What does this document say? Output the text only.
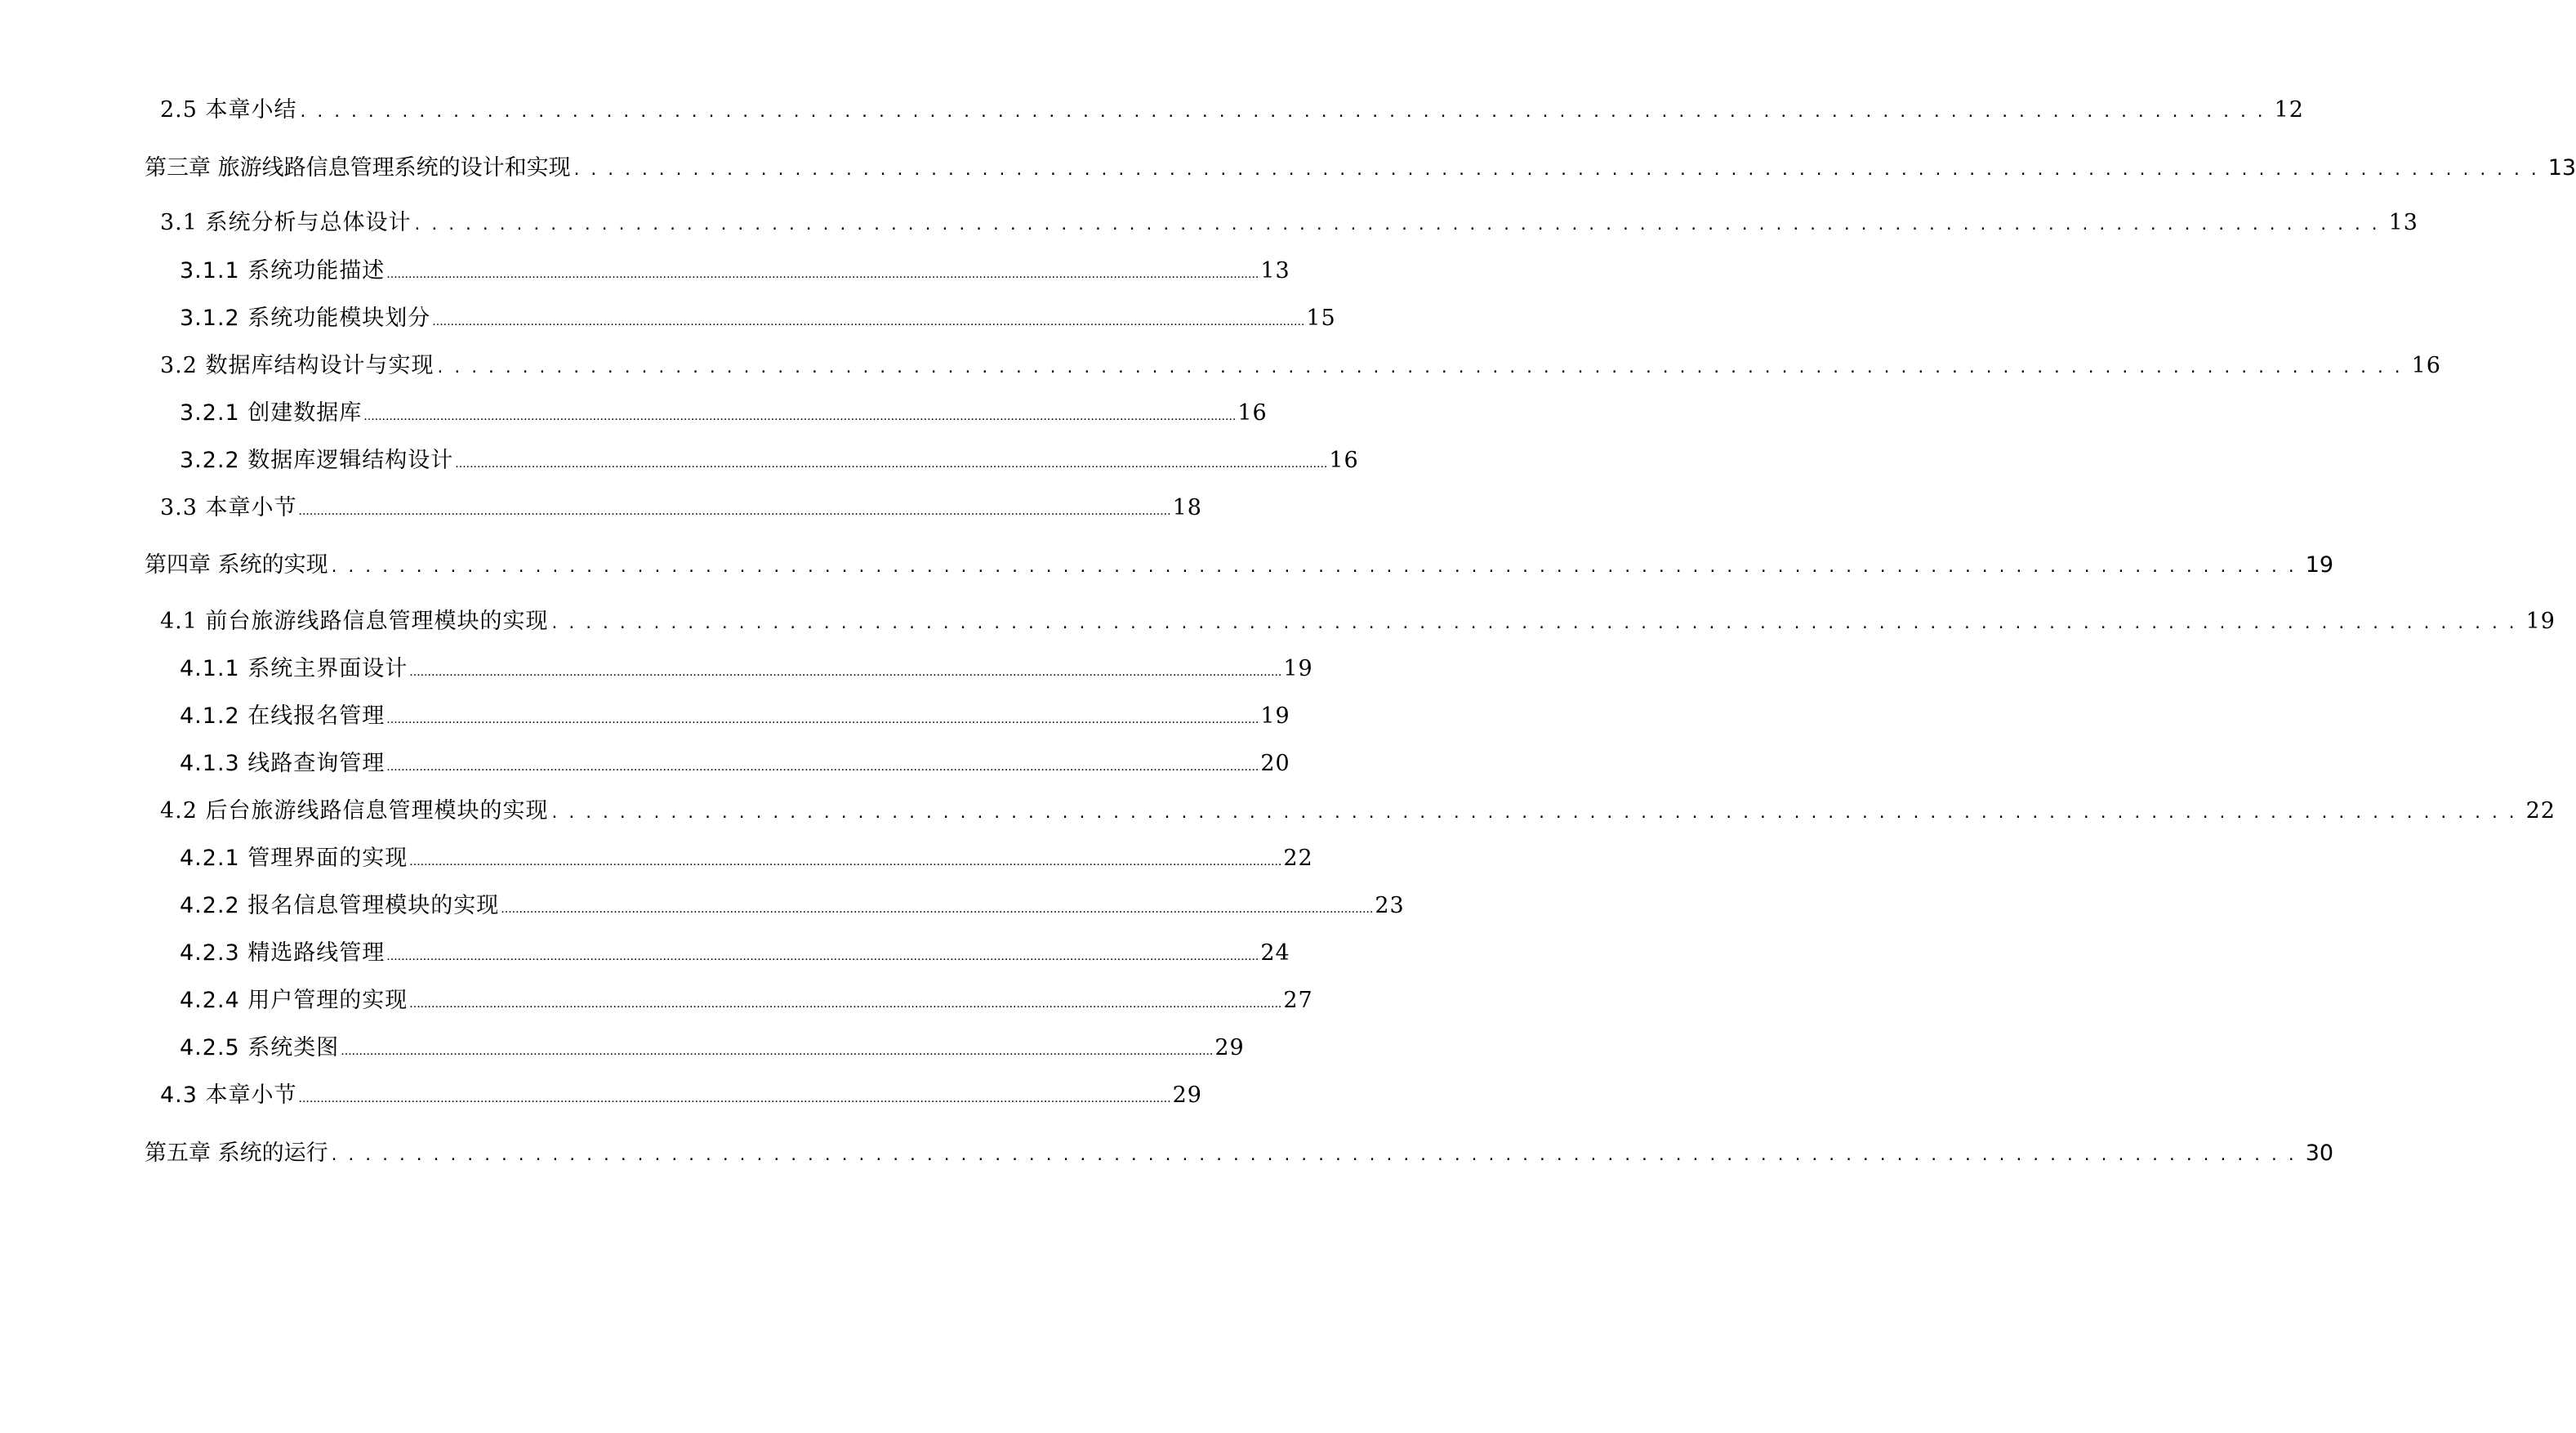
2.5 本章小结 .................................................................................................................... 12
第三章 旅游线路信息管理系统的设计和实现 .................................................................................................................... 13
3.1 系统分析与总体设计 .................................................................................................................... 13
3.1.1 系统功能描述 ................................................................................................................................................................................................................................................ 13
3.1.2 系统功能模块划分 ................................................................................................................................................................................................................................................ 15
3.2 数据库结构设计与实现 .................................................................................................................... 16
3.2.1 创建数据库 ................................................................................................................................................................................................................................................ 16
3.2.2 数据库逻辑结构设计 ................................................................................................................................................................................................................................................ 16
3.3 本章小节 ................................................................................................................................................................................................................................................ 18
第四章 系统的实现 .................................................................................................................... 19
4.1 前台旅游线路信息管理模块的实现 .................................................................................................................... 19
4.1.1 系统主界面设计 ................................................................................................................................................................................................................................................ 19
4.1.2 在线报名管理 ................................................................................................................................................................................................................................................ 19
4.1.3 线路查询管理 ................................................................................................................................................................................................................................................ 20
4.2 后台旅游线路信息管理模块的实现 .................................................................................................................... 22
4.2.1 管理界面的实现 ................................................................................................................................................................................................................................................ 22
4.2.2 报名信息管理模块的实现 ................................................................................................................................................................................................................................................ 23
4.2.3 精选路线管理 ................................................................................................................................................................................................................................................ 24
4.2.4 用户管理的实现 ................................................................................................................................................................................................................................................ 27
4.2.5 系统类图 ................................................................................................................................................................................................................................................ 29
4.3 本章小节 ................................................................................................................................................................................................................................................ 29
第五章 系统的运行 .................................................................................................................... 30
